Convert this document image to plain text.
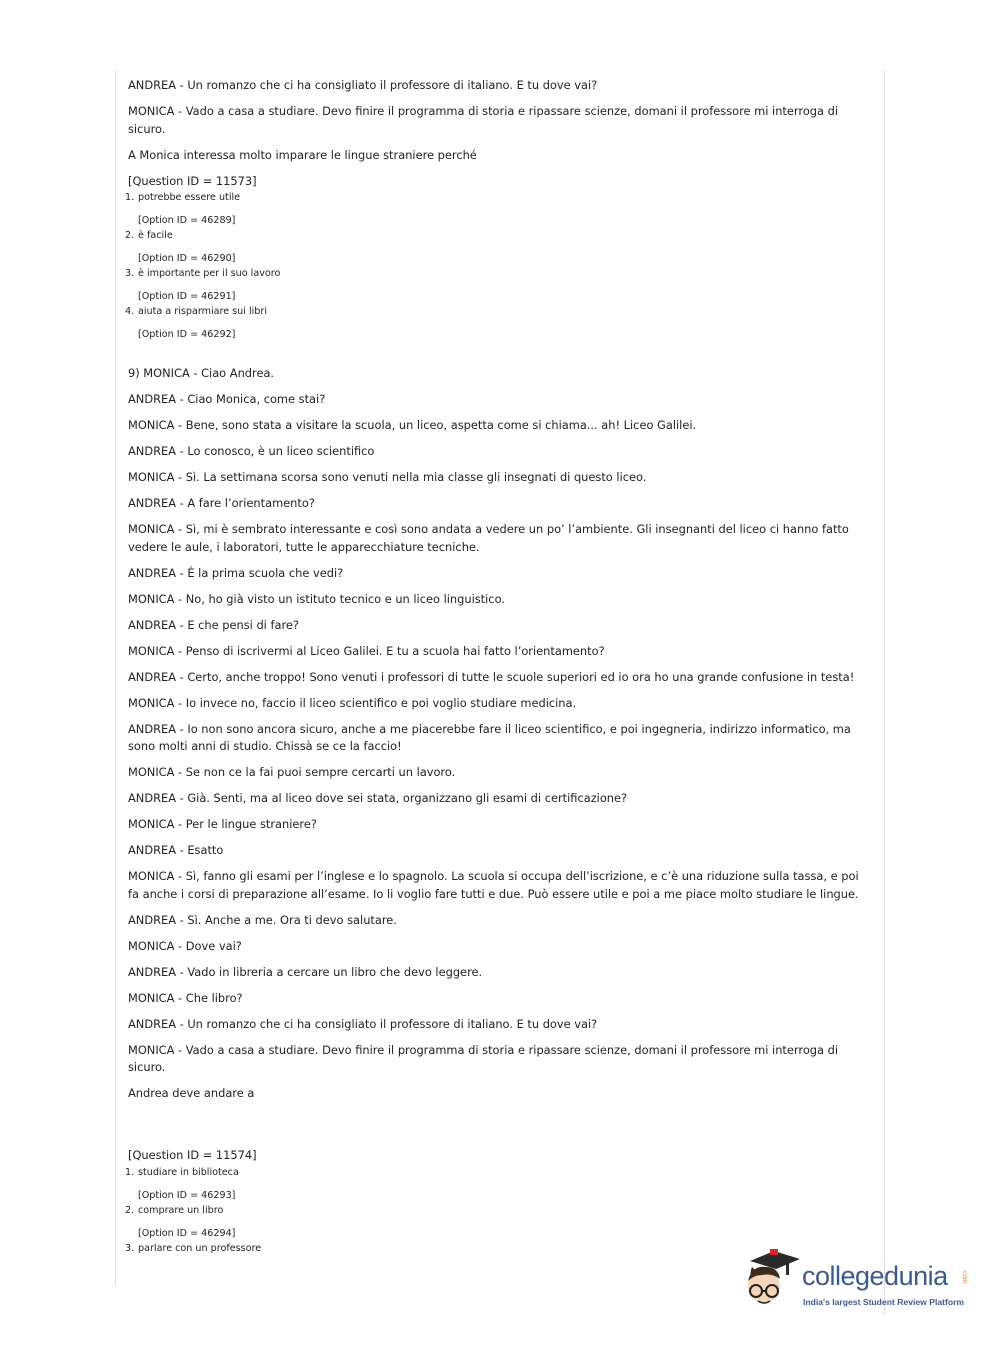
ANDREA - Un romanzo che ci ha consigliato il professore di italiano. E tu dove vai?

MONICA - Vado a casa a studiare. Devo finire il programma di storia e ripassare scienze, domani il professore mi interroga di sicuro.

A Monica interessa molto imparare le lingue straniere perché

[Question ID = 11573]

1. potrebbe essere utile
[Option ID = 46289]
2. è facile
[Option ID = 46290]
3. è importante per il suo lavoro
[Option ID = 46291]
4. aiuta a risparmiare sui libri
[Option ID = 46292]

9) MONICA - Ciao Andrea.

ANDREA - Ciao Monica, come stai?

MONICA - Bene, sono stata a visitare la scuola, un liceo, aspetta come si chiama... ah! Liceo Galilei.

ANDREA - Lo conosco, è un liceo scientifico

MONICA - Sì. La settimana scorsa sono venuti nella mia classe gli insegnati di questo liceo.

ANDREA - A fare l’orientamento?

MONICA - Sì, mi è sembrato interessante e così sono andata a vedere un po’ l’ambiente. Gli insegnanti del liceo ci hanno fatto vedere le aule, i laboratori, tutte le apparecchiature tecniche.

ANDREA - È la prima scuola che vedi?

MONICA - No, ho già visto un istituto tecnico e un liceo linguistico.

ANDREA - E che pensi di fare?

MONICA - Penso di iscrivermi al Liceo Galilei. E tu a scuola hai fatto l’orientamento?

ANDREA - Certo, anche troppo! Sono venuti i professori di tutte le scuole superiori ed io ora ho una grande confusione in testa!

MONICA - Io invece no, faccio il liceo scientifico e poi voglio studiare medicina.

ANDREA - Io non sono ancora sicuro, anche a me piacerebbe fare il liceo scientifico, e poi ingegneria, indirizzo informatico, ma sono molti anni di studio. Chissà se ce la faccio!

MONICA - Se non ce la fai puoi sempre cercarti un lavoro.

ANDREA - Già. Senti, ma al liceo dove sei stata, organizzano gli esami di certificazione?

MONICA - Per le lingue straniere?

ANDREA - Esatto

MONICA - Sì, fanno gli esami per l’inglese e lo spagnolo. La scuola si occupa dell’iscrizione, e c’è una riduzione sulla tassa, e poi fa anche i corsi di preparazione all’esame. Io li voglio fare tutti e due. Può essere utile e poi a me piace molto studiare le lingue.

ANDREA - Sì. Anche a me. Ora ti devo salutare.

MONICA - Dove vai?

ANDREA - Vado in libreria a cercare un libro che devo leggere.

MONICA - Che libro?

ANDREA - Un romanzo che ci ha consigliato il professore di italiano. E tu dove vai?

MONICA - Vado a casa a studiare. Devo finire il programma di storia e ripassare scienze, domani il professore mi interroga di sicuro.

Andrea deve andare a

[Question ID = 11574]

1. studiare in biblioteca
[Option ID = 46293]
2. comprare un libro
[Option ID = 46294]
3. parlare con un professore
collegedunia .com
India's largest Student Review Platform
